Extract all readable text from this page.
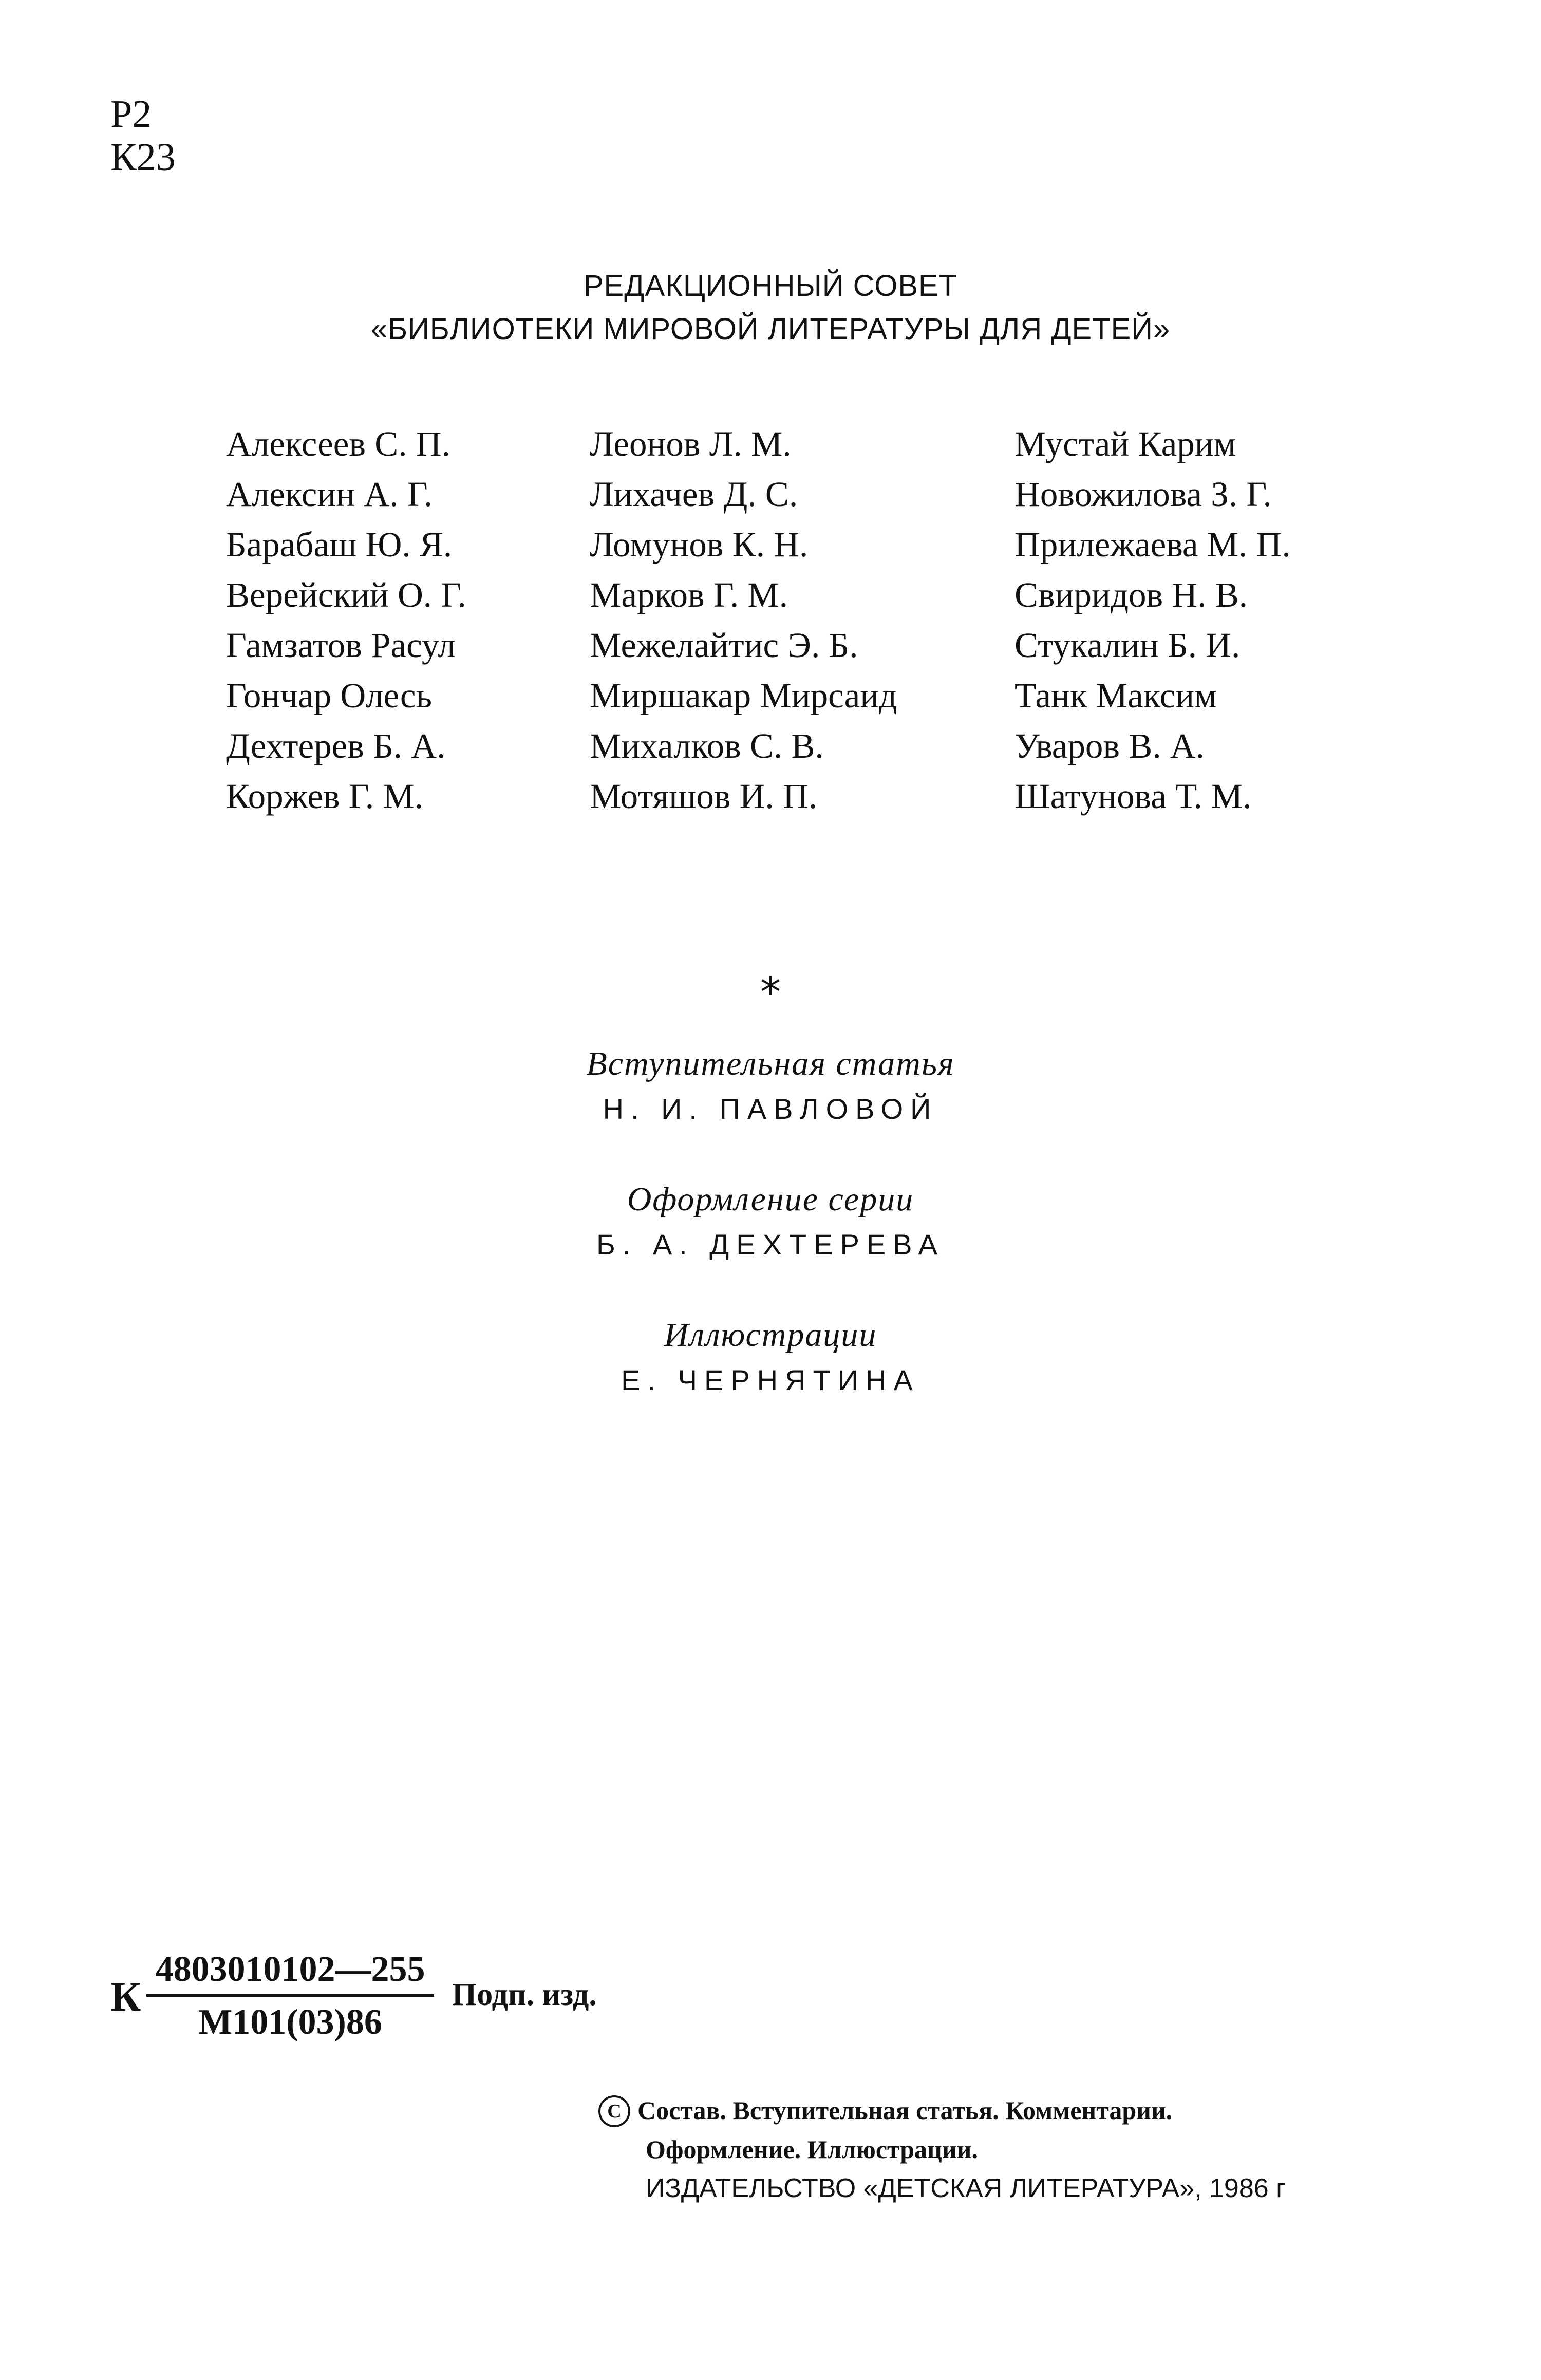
Р2
К23
РЕДАКЦИОННЫЙ СОВЕТ
«БИБЛИОТЕКИ МИРОВОЙ ЛИТЕРАТУРЫ ДЛЯ ДЕТЕЙ»
Алексеев С. П.
Алексин А. Г.
Барабаш Ю. Я.
Верейский О. Г.
Гамзатов Расул
Гончар Олесь
Дехтерев Б. А.
Коржев Г. М.
Леонов Л. М.
Лихачев Д. С.
Ломунов К. Н.
Марков Г. М.
Межелайтис Э. Б.
Миршакар Мирсаид
Михалков С. В.
Мотяшов И. П.
Мустай Карим
Новожилова З. Г.
Прилежаева М. П.
Свиридов Н. В.
Стукалин Б. И.
Танк Максим
Уваров В. А.
Шатунова Т. М.
*
Вступительная статья
Н. И. ПАВЛОВОЙ
Оформление серии
Б. А. ДЕХТЕРЕВА
Иллюстрации
Е. ЧЕРНЯТИНА
К
4803010102—255
М101(03)86
Подп. изд.
C Состав. Вступительная статья. Комментарии.
Оформление. Иллюстрации.
ИЗДАТЕЛЬСТВО «ДЕТСКАЯ ЛИТЕРАТУРА», 1986 г
